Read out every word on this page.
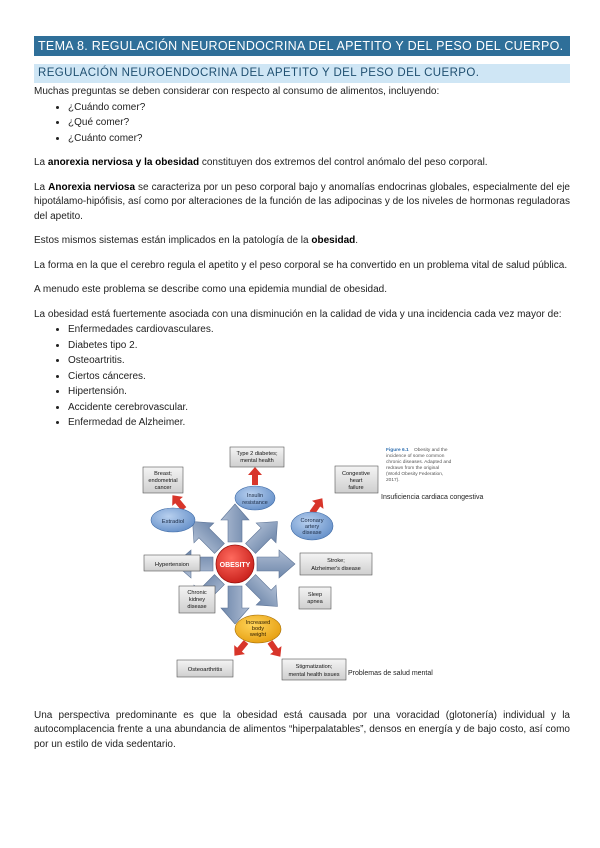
TEMA 8. REGULACIÓN NEUROENDOCRINA DEL APETITO Y DEL PESO DEL CUERPO.
REGULACIÓN NEUROENDOCRINA DEL APETITO Y DEL PESO DEL CUERPO.

Muchas preguntas se deben considerar con respecto al consumo de alimentos, incluyendo:

• ¿Cuándo comer?
• ¿Qué comer?
• ¿Cuánto comer?

La anorexia nerviosa y la obesidad constituyen dos extremos del control anómalo del peso corporal.

La Anorexia nerviosa se caracteriza por un peso corporal bajo y anomalías endocrinas globales, especialmente del eje hipotálamo-hipófisis, así como por alteraciones de la función de las adipocinas y de los niveles de hormonas reguladoras del apetito.

Estos mismos sistemas están implicados en la patología de la obesidad.

La forma en la que el cerebro regula el apetito y el peso corporal se ha convertido en un problema vital de salud pública.

A menudo este problema se describe como una epidemia mundial de obesidad.

La obesidad está fuertemente asociada con una disminución en la calidad de vida y una incidencia cada vez mayor de:

• Enfermedades cardiovasculares.
• Diabetes tipo 2.
• Osteoartritis.
• Ciertos cánceres.
• Hipertensión.
• Accidente cerebrovascular.
• Enfermedad de Alzheimer.
OBESITY
Insulin
resistance
Estradiol	Coronary
artery
disease
Increased
body
weight
Type 2 diabetes;
mental health
Breast;
endometrial
cancer
Congestive
heart
failure
Hypertension
Stroke;
Alzheimer's disease
Chronic
kidney
disease
Sleep
apnea
Osteoarthritis	Stigmatization;
mental health issues
Figure 6.1 Obesity and the
incidence of some common
chronic diseases. Adapted and
redrawn from the original
(World Obesity Federation,
2017).
Insuficiencia cardiaca congestiva
Problemas de salud mental

Una perspectiva predominante es que la obesidad está causada por una voracidad (glotonería) individual y la autocomplacencia frente a una abundancia de alimentos “hiperpalatables”, densos en energía y de bajo costo, así como por un estilo de vida sedentario.
